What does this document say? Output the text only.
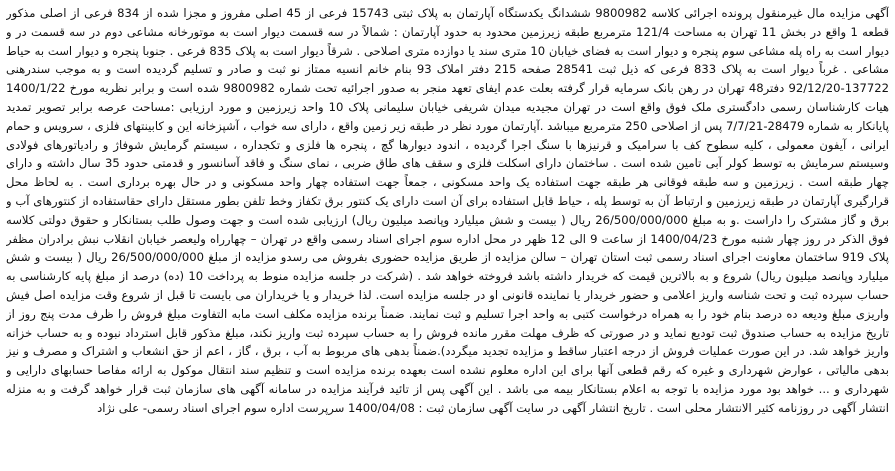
آگهی مزایده مال غیرمنقول پرونده اجرائی کلاسه 9800982 ششدانگ یکدستگاه آپارتمان به پلاک ثبتی 15743 فرعی از 45 اصلی مفروز و مجزا شده از 834 فرعی از اصلی مذکور قطعه 1 واقع در بخش 11 تهران به مساحت 121/4 مترمربع طبقه زیرزمین محدود به حدود آپارتمان : شمالاً در سه قسمت دیوار است به موتورخانه مشاعی دوم در سه قسمت در و دیوار است به راه پله مشاعی سوم پنجره و دیوار است به فضای خیابان 10 متری سند یا دوازده متری اصلاحی . شرقاً دیوار است به پلاک 835 فرعی . جنوبا پنجره و دیوار است به حیاط مشاعی . غرباً دیوار است به پلاک 833 فرعی که ذیل ثبت 28541 صفحه 215 دفتر املاک 93 بنام خانم انسیه ممتاز نو ثبت و صادر و تسلیم گردیده است و به موجب سندرهنی 137722-92/12/20 دفتر48 تهران در رهن بانک سرمایه قرار گرفته بعلت عدم ایفای تعهد منجر به صدور اجرائیه تحت شماره 9800982 شده است و برابر نظریه مورخ 1400/1/22 هیات کارشناسان رسمی دادگستری ملک فوق واقع است در تهران مجیدیه میدان شریفی خیابان سلیمانی پلاک 10 واحد زیرزمین و مورد ارزیابی :مساحت عرصه برابر تصویر تمدید پایانکار به شماره 28479-7/7/21 پس از اصلاحی 250 مترمربع میباشد .آپارتمان مورد نظر در طبقه زیر زمین واقع ، دارای سه خواب ، آشپزخانه این و کابینتهای فلزی ، سرویس و حمام ایرانی ، آیفون معمولی ، کلیه سطوح کف با سرامیک و قرنیزها با سنگ اجرا گردیده ، اندود دیوارها گچ ، پنجره ها فلزی و تکجداره ، سیستم گرمایش شوفاژ و رادیاتورهای فولادی وسیستم سرمایش به توسط کولر آبی تامین شده است . ساختمان دارای اسکلت فلزی و سقف های طاق ضربی ، نمای سنگ و فاقد آسانسور و قدمتی حدود 35 سال داشته و دارای چهار طبقه است . زیرزمین و سه طبقه فوقانی هر طبقه جهت استفاده یک واحد مسکونی ، جمعاً جهت استفاده چهار واحد مسکونی و در حال بهره برداری است . به لحاظ محل قرارگیری آپارتمان در طبقه زیرزمین و ارتباط آن به توسط پله ، حیاط قابل استفاده برای آن است دارای یک کنتور برق تکفاز وخط تلفن بطور مستقل دارای حقاستفاده از کنتورهای آب و برق و گاز مشترک را داراست .و به مبلغ 26/500/000/000 ریال ( بیست و شش میلیارد وپانصد میلیون ریال) ارزیابی شده است و جهت وصول طلب بستانکار و حقوق دولتی کلاسه فوق الذکر در روز چهار شنبه مورخ 1400/04/23 از ساعت 9 الی 12 ظهر در محل اداره سوم اجرای اسناد رسمی واقع در تهران – چهارراه ولیعصر خیابان انقلاب نبش برادران مظفر پلاک 919 ساختمان معاونت اجرای اسناد رسمی ثبت استان تهران – سالن مزایده از طریق مزایده حضوری بفروش می رسدو مزایده از مبلغ 26/500/000/000 ریال ( بیست و شش میلیارد وپانصد میلیون ریال) شروع و به بالاترین قیمت که خریدار داشته باشد فروخته خواهد شد . (شرکت در جلسه مزایده منوط به پرداخت 10 (ده) درصد از مبلغ پایه کارشناسی به حساب سپرده ثبت و تحت شناسه واریز اعلامی و حضور خریدار یا نماینده قانونی او در جلسه مزایده است. لذا خریدار و یا خریداران می بایست تا قبل از شروع وقت مزایده اصل فیش واریزی مبلغ ودیعه ده درصد بنام خود را به همراه درخواست کتبی به واحد اجرا تسلیم و ثبت نمایند. ضمناً برنده مزایده مکلف است مابه التفاوت مبلغ فروش را ظرف مدت پنج روز از تاریخ مزایده به حساب صندوق ثبت توديع نمايد و در صورتی که ظرف مهلت مقرر مانده فروش را به حساب سپرده ثبت واریز نکند، مبلغ مذکور قابل استرداد نبوده و به حساب خزانه واریز خواهد شد. در این صورت عملیات فروش از درجه اعتبار ساقط و مزایده تجدید میگردد).ضمناً بدهی های مربوط به آب ، برق ، گاز ، اعم از حق انشعاب و اشتراک و مصرف و نیز بدهی مالیاتی ، عوارض شهرداری و غیره که رقم قطعی آنها برای این اداره معلوم نشده است بعهده برنده مزایده است و تنظیم سند انتقال موکول به ارائه مفاصا حسابهای دارایی و شهرداری و ... خواهد بود مورد مزایده با توجه به اعلام بستانکار بیمه می باشد . این آگهی پس از تائید فرآیند مزایده در سامانه آگهی های سازمان ثبت قرار خواهد گرفت و به منزله انتشار آگهی در روزنامه کثیر الانتشار محلی است . تاریخ انتشار آگهی در سایت آگهی سازمان ثبت : 1400/04/08 سرپرست اداره سوم اجرای اسناد رسمی- علی نژاد
